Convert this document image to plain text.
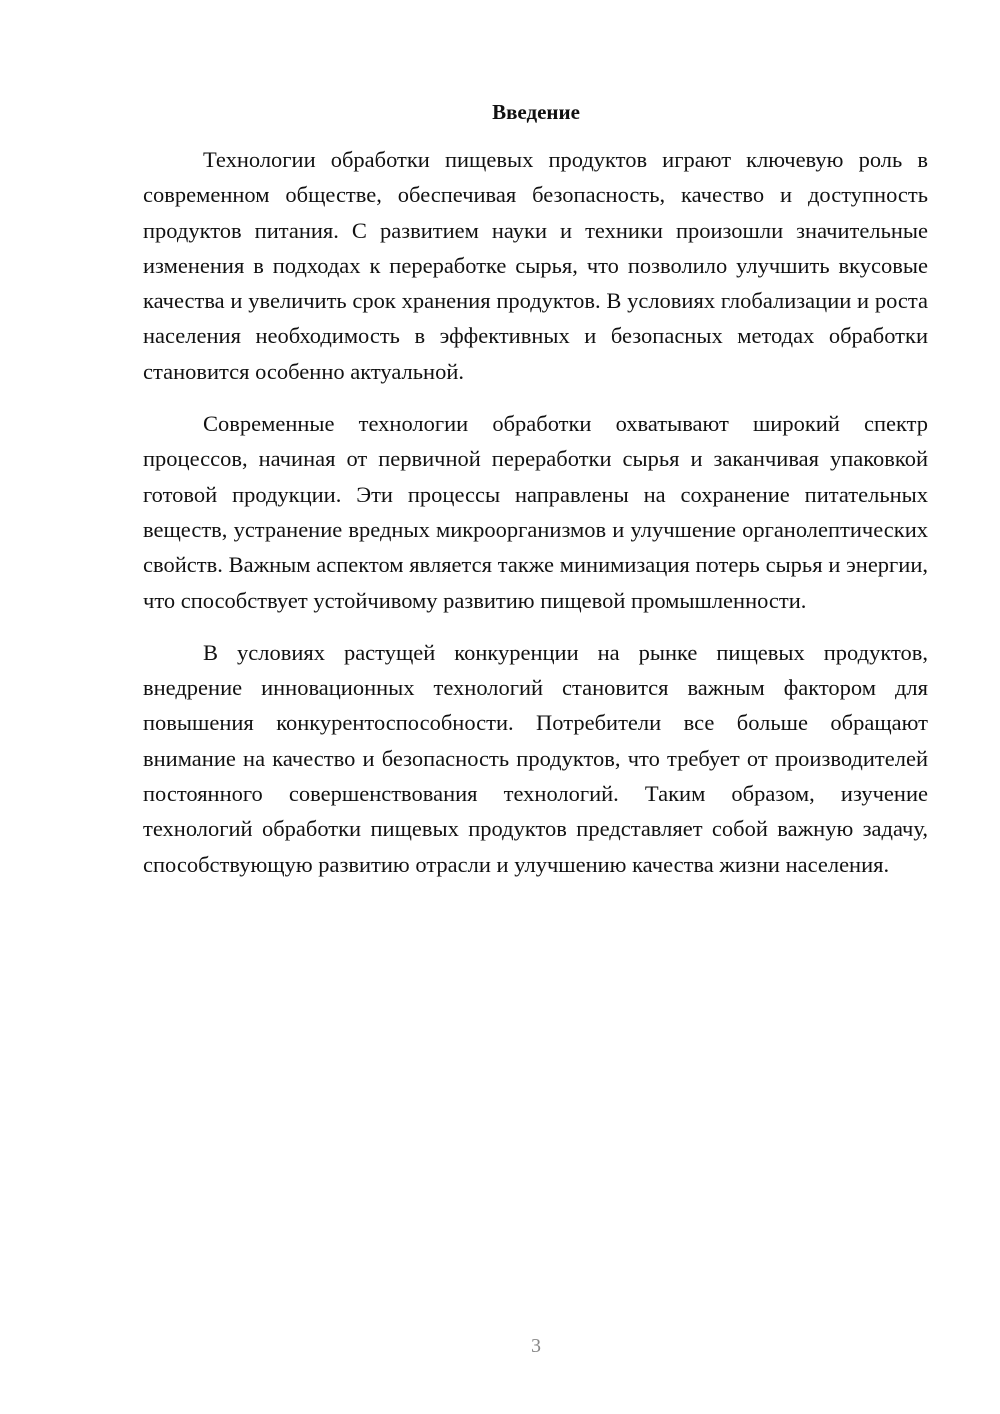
Введение

Технологии обработки пищевых продуктов играют ключевую роль в современном обществе, обеспечивая безопасность, качество и доступность продуктов питания. С развитием науки и техники произошли значительные изменения в подходах к переработке сырья, что позволило улучшить вкусовые качества и увеличить срок хранения продуктов. В условиях глобализации и роста населения необходимость в эффективных и безопасных методах обработки становится особенно актуальной.

Современные технологии обработки охватывают широкий спектр процессов, начиная от первичной переработки сырья и заканчивая упаковкой готовой продукции. Эти процессы направлены на сохранение питательных веществ, устранение вредных микроорганизмов и улучшение органолептических свойств. Важным аспектом является также минимизация потерь сырья и энергии, что способствует устойчивому развитию пищевой промышленности.

В условиях растущей конкуренции на рынке пищевых продуктов, внедрение инновационных технологий становится важным фактором для повышения конкурентоспособности. Потребители все больше обращают внимание на качество и безопасность продуктов, что требует от производителей постоянного совершенствования технологий. Таким образом, изучение технологий обработки пищевых продуктов представляет собой важную задачу, способствующую развитию отрасли и улучшению качества жизни населения.

3
